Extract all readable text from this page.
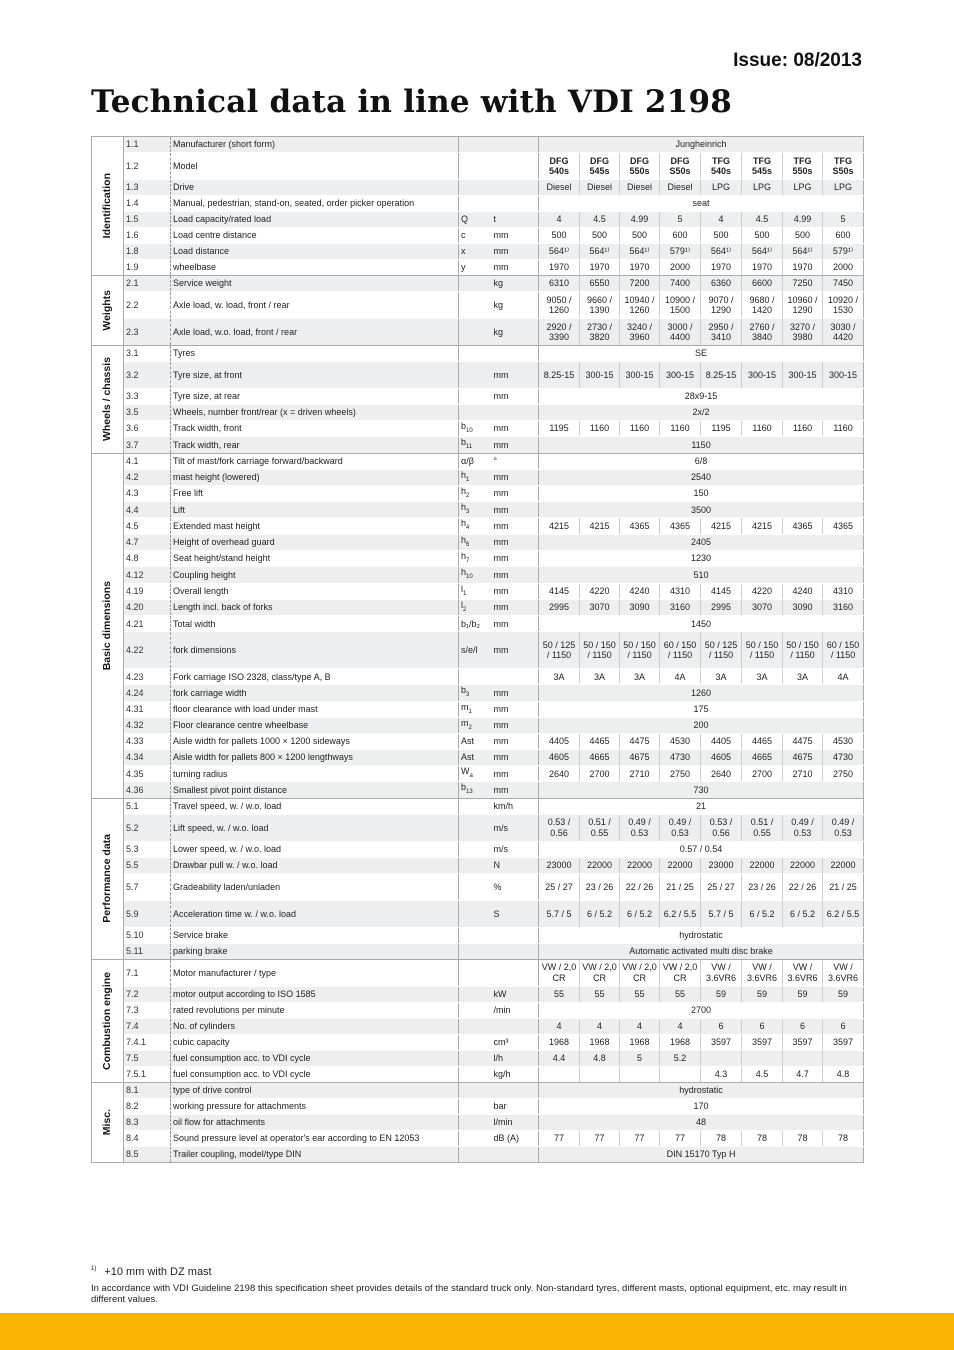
Issue: 08/2013
Technical data in line with VDI 2198
Identification	1.1	Manufacturer (short form)			Jungheinrich							
	1.2	Model			DFG 540s	DFG 545s	DFG 550s	DFG S50s	TFG 540s	TFG 545s	TFG 550s	TFG S50s
	1.3	Drive			Diesel	Diesel	Diesel	Diesel	LPG	LPG	LPG	LPG
	1.4	Manual, pedestrian, stand-on, seated, order picker operation			seat							
	1.5	Load capacity/rated load	Q	t	4	4.5	4.99	5	4	4.5	4.99	5
	1.6	Load centre distance	c	mm	500	500	500	600	500	500	500	600
	1.8	Load distance	x	mm	564¹⁾	564¹⁾	564¹⁾	579¹⁾	564¹⁾	564¹⁾	564¹⁾	579¹⁾
	1.9	wheelbase	y	mm	1970	1970	1970	2000	1970	1970	1970	2000

Weights	2.1	Service weight		kg	6310	6550	7200	7400	6360	6600	7250	7450
	2.2	Axle load, w. load, front / rear		kg	9050 / 1260	9660 / 1390	10940 / 1260	10900 / 1500	9070 / 1290	9680 / 1420	10960 / 1290	10920 / 1530
	2.3	Axle load, w.o. load, front / rear		kg	2920 / 3390	2730 / 3820	3240 / 3960	3000 / 4400	2950 / 3410	2760 / 3840	3270 / 3980	3030 / 4420

Wheels / chassis	3.1	Tyres			SE							
	3.2	Tyre size, at front		mm	8.25-15	300-15	300-15	300-15	8.25-15	300-15	300-15	300-15
	3.3	Tyre size, at rear		mm	28x9-15							
	3.5	Wheels, number front/rear (x = driven wheels)			2x/2							
	3.6	Track width, front	$b_{10}$	mm	1195	1160	1160	1160	1195	1160	1160	1160
	3.7	Track width, rear	$b_{11}$	mm	1150							

Basic dimensions	4.1	Tilt of mast/fork carriage forward/backward	α/β	°	6/8							
	4.2	mast height (lowered)	$h_1$	mm	2540							
	4.3	Free lift	$h_2$	mm	150							
	4.4	Lift	$h_3$	mm	3500							
	4.5	Extended mast height	$h_4$	mm	4215	4215	4365	4365	4215	4215	4365	4365
	4.7	Height of overhead guard	$h_6$	mm	2405							
	4.8	Seat height/stand height	$h_7$	mm	1230							
	4.12	Coupling height	$h_{10}$	mm	510							
	4.19	Overall length	$l_1$	mm	4145	4220	4240	4310	4145	4220	4240	4310
	4.20	Length incl. back of forks	$l_2$	mm	2995	3070	3090	3160	2995	3070	3090	3160
	4.21	Total width	b₁/b₂	mm	1450							
	4.22	fork dimensions	s/e/l	mm	50 / 125 / 1150	50 / 150 / 1150	50 / 150 / 1150	60 / 150 / 1150	50 / 125 / 1150	50 / 150 / 1150	50 / 150 / 1150	60 / 150 / 1150
	4.23	Fork carriage ISO 2328, class/type A, B			3A	3A	3A	4A	3A	3A	3A	4A
	4.24	fork carriage width	$b_3$	mm	1260							
	4.31	floor clearance with load under mast	$m_1$	mm	175							
	4.32	Floor clearance centre wheelbase	$m_2$	mm	200							
	4.33	Aisle width for pallets 1000 × 1200 sideways	Ast	mm	4405	4465	4475	4530	4405	4465	4475	4530
	4.34	Aisle width for pallets 800 × 1200 lengthways	Ast	mm	4605	4665	4675	4730	4605	4665	4675	4730
	4.35	turning radius	$W_a$	mm	2640	2700	2710	2750	2640	2700	2710	2750
	4.36	Smallest pivot point distance	$b_{13}$	mm	730							

Performance data	5.1	Travel speed, w. / w.o. load		km/h	21							
	5.2	Lift speed, w. / w.o. load		m/s	0.53 / 0.56	0.51 / 0.55	0.49 / 0.53	0.49 / 0.53	0.53 / 0.56	0.51 / 0.55	0.49 / 0.53	0.49 / 0.53
	5.3	Lower speed, w. / w.o. load		m/s	0.57 / 0.54							
	5.5	Drawbar pull w. / w.o. load		N	23000	22000	22000	22000	23000	22000	22000	22000
	5.7	Gradeability laden/unladen		%	25 / 27	23 / 26	22 / 26	21 / 25	25 / 27	23 / 26	22 / 26	21 / 25
	5.9	Acceleration time w. / w.o. load		S	5.7 / 5	6 / 5.2	6 / 5.2	6.2 / 5.5	5.7 / 5	6 / 5.2	6 / 5.2	6.2 / 5.5
	5.10	Service brake			hydrostatic							
	5.11	parking brake			Automatic activated multi disc brake							

Combustion engine	7.1	Motor manufacturer / type			VW / 2,0 CR	VW / 2,0 CR	VW / 2,0 CR	VW / 2,0 CR	VW / 3.6VR6	VW / 3.6VR6	VW / 3.6VR6	VW / 3.6VR6
	7.2	motor output according to ISO 1585		kW	55	55	55	55	59	59	59	59
	7.3	rated revolutions per minute		/min	2700							
	7.4	No. of cylinders			4	4	4	4	6	6	6	6
	7.4.1	cubic capacity		cm³	1968	1968	1968	1968	3597	3597	3597	3597
	7.5	fuel consumption acc. to VDI cycle		l/h	4.4	4.8	5	5.2				
	7.5.1	fuel consumption acc. to VDI cycle		kg/h					4.3	4.5	4.7	4.8

Misc.	8.1	type of drive control			hydrostatic							
	8.2	working pressure for attachments		bar	170							
	8.3	oil flow for attachments		l/min	48							
	8.4	Sound pressure level at operator's ear according to EN 12053		dB (A)	77	77	77	77	78	78	78	78
	8.5	Trailer coupling, model/type DIN			DIN 15170 Typ H							
$^{1)}$ +10 mm with DZ mast
In accordance with VDI Guideline 2198 this specification sheet provides details of the standard truck only. Non-standard tyres, different masts, optional equipment, etc. may result in different values.
